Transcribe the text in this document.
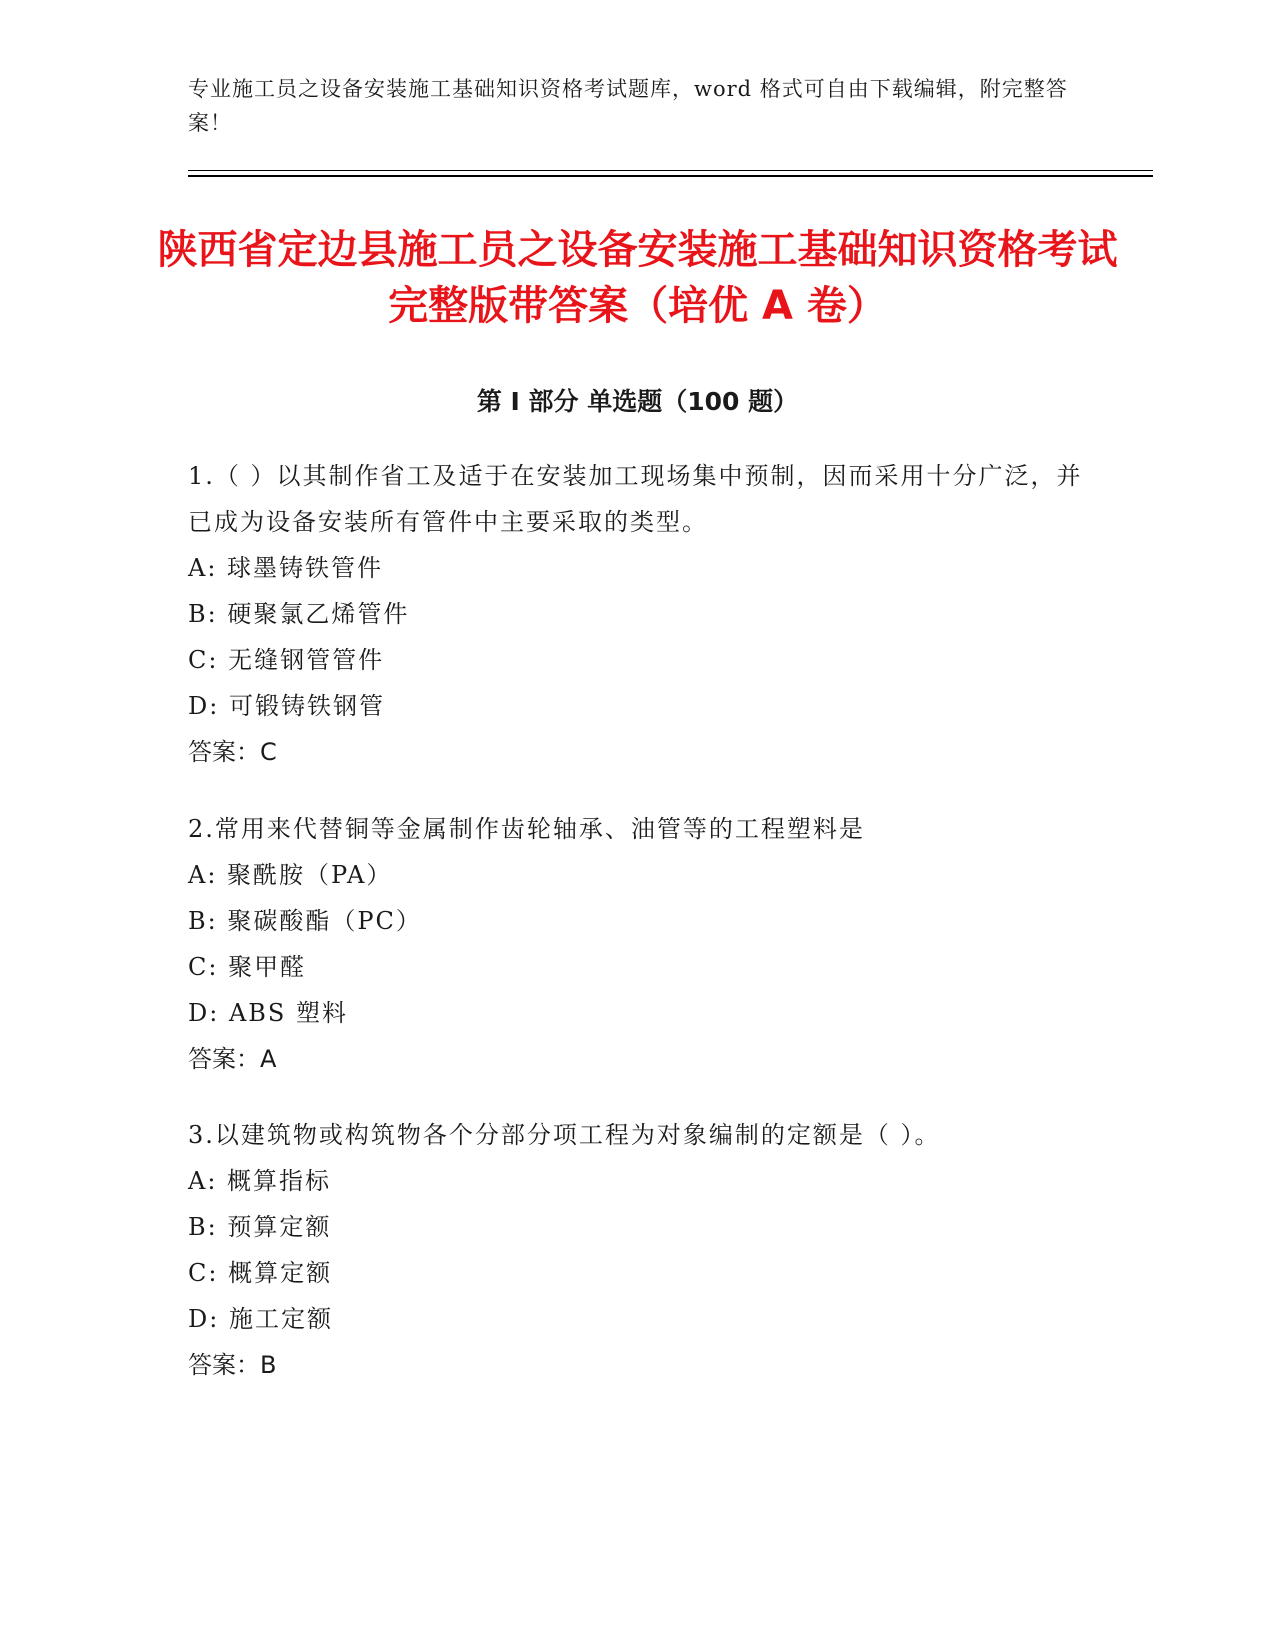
专业施工员之设备安装施工基础知识资格考试题库，word 格式可自由下载编辑，附完整答案！
陕西省定边县施工员之设备安装施工基础知识资格考试完整版带答案（培优 A 卷）
第 I 部分 单选题（100 题）

1.（ ）以其制作省工及适于在安装加工现场集中预制，因而采用十分广泛，并已成为设备安装所有管件中主要采取的类型。

A: 球墨铸铁管件

B: 硬聚氯乙烯管件

C: 无缝钢管管件

D: 可锻铸铁钢管

答案：C

2.常用来代替铜等金属制作齿轮轴承、油管等的工程塑料是

A: 聚酰胺（PA）

B: 聚碳酸酯（PC）

C: 聚甲醛

D: ABS 塑料

答案：A

3.以建筑物或构筑物各个分部分项工程为对象编制的定额是（ ）。

A: 概算指标

B: 预算定额

C: 概算定额

D: 施工定额

答案：B
